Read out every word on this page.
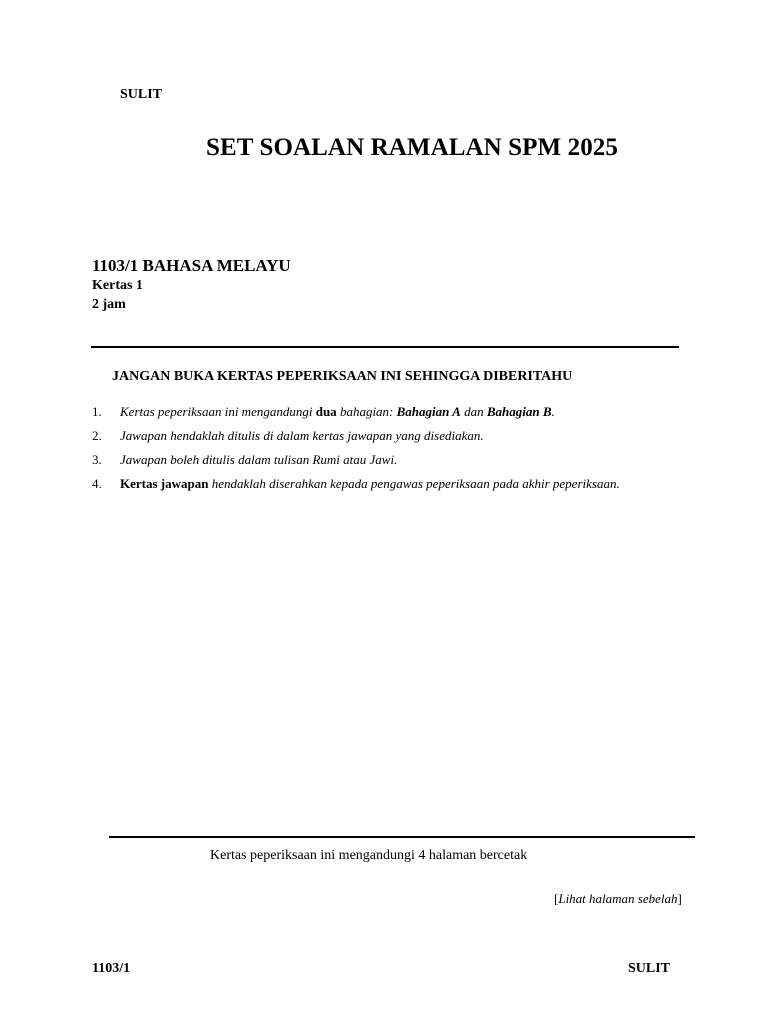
SULIT

SET SOALAN RAMALAN SPM 2025

1103/1 BAHASA MELAYU

Kertas 1

2 jam

JANGAN BUKA KERTAS PEPERIKSAAN INI SEHINGGA DIBERITAHU

1. Kertas peperiksaan ini mengandungi dua bahagian: Bahagian A dan Bahagian B.

2. Jawapan hendaklah ditulis di dalam kertas jawapan yang disediakan.

3. Jawapan boleh ditulis dalam tulisan Rumi atau Jawi.

4. Kertas jawapan hendaklah diserahkan kepada pengawas peperiksaan pada akhir peperiksaan.

Kertas peperiksaan ini mengandungi 4 halaman bercetak

[Lihat halaman sebelah]

1103/1	SULIT
